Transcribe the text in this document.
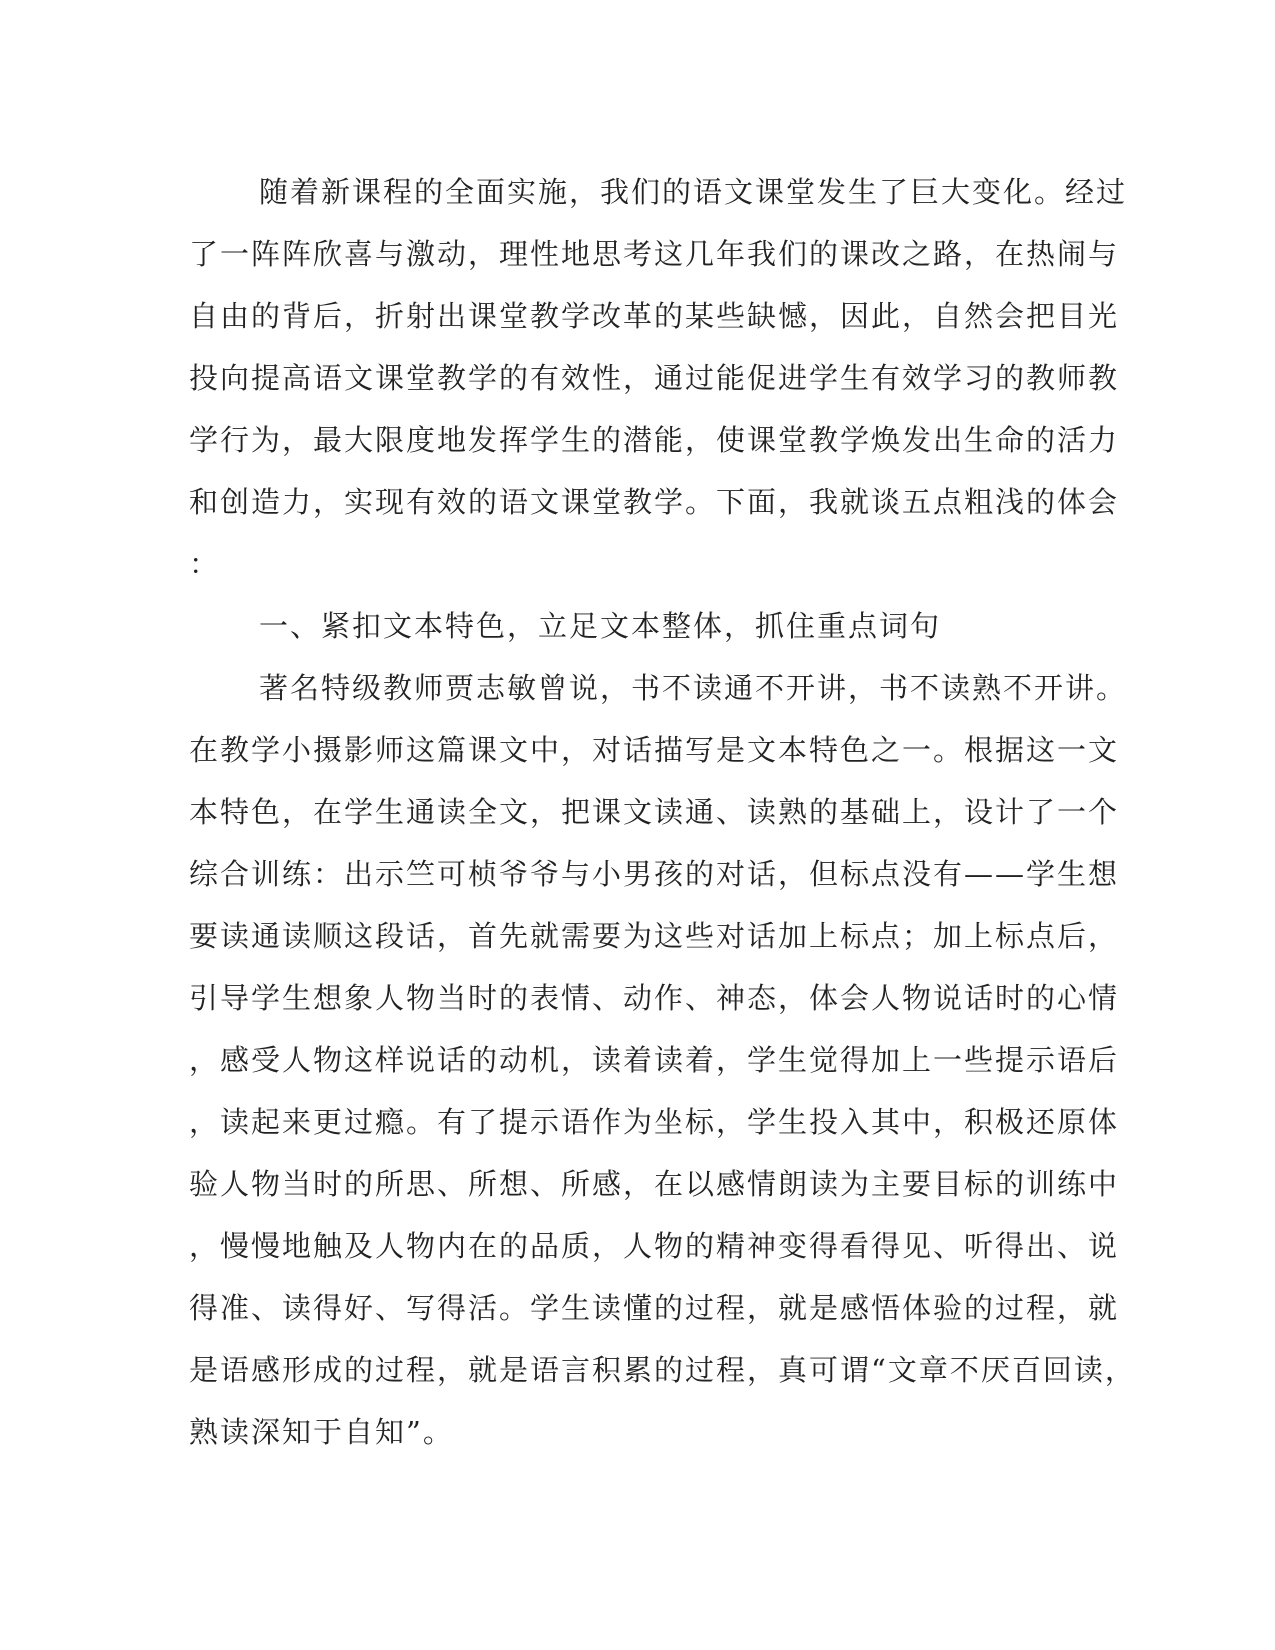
随着新课程的全面实施，我们的语文课堂发生了巨大变化。经过
了一阵阵欣喜与激动，理性地思考这几年我们的课改之路，在热闹与
自由的背后，折射出课堂教学改革的某些缺憾，因此，自然会把目光
投向提高语文课堂教学的有效性，通过能促进学生有效学习的教师教
学行为，最大限度地发挥学生的潜能，使课堂教学焕发出生命的活力
和创造力，实现有效的语文课堂教学。下面，我就谈五点粗浅的体会
：

一、紧扣文本特色，立足文本整体，抓住重点词句

著名特级教师贾志敏曾说，书不读通不开讲，书不读熟不开讲。
在教学小摄影师这篇课文中，对话描写是文本特色之一。根据这一文
本特色，在学生通读全文，把课文读通、读熟的基础上，设计了一个
综合训练：出示竺可桢爷爷与小男孩的对话，但标点没有——学生想
要读通读顺这段话，首先就需要为这些对话加上标点；加上标点后，
引导学生想象人物当时的表情、动作、神态，体会人物说话时的心情
，感受人物这样说话的动机，读着读着，学生觉得加上一些提示语后
，读起来更过瘾。有了提示语作为坐标，学生投入其中，积极还原体
验人物当时的所思、所想、所感，在以感情朗读为主要目标的训练中
，慢慢地触及人物内在的品质，人物的精神变得看得见、听得出、说
得准、读得好、写得活。学生读懂的过程，就是感悟体验的过程，就
是语感形成的过程，就是语言积累的过程，真可谓“文章不厌百回读，
熟读深知于自知”。
